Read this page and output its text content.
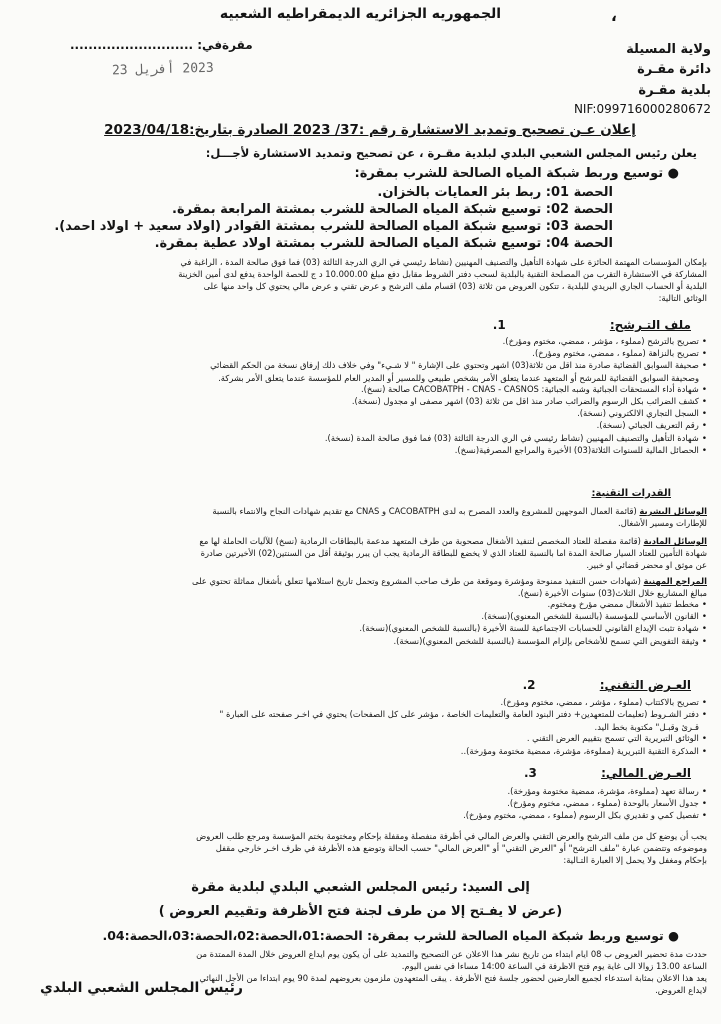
الجمهوريه الجزائريه الديمقراطيه الشعبيه	،
ولاية المسيلة
دائرة مقـرة
بلدية مقـرة
NIF:099716000280672
مقرةفي: ...........................
2023 أفريل 23
إعلان عـن تصحيح وتمديد الاستشارة رقم :37/ 2023 الصادرة بتاريخ:2023/04/18
يعلن رئيس المجلس الشعبي البلدي لبلدية مقـرة ، عن تصحيح وتمديد الاستشارة لأجـــل:
● توسيع وربط شبكة المياه الصالحة للشرب بمقرة:
الحصة 01: ربط بئر العمايات بالخزان.
الحصة 02: توسيع شبكة المياه الصالحة للشرب بمشتة المرابعة بمقرة.
الحصة 03: توسيع شبكة المياه الصالحة للشرب بمشتة القوادر (اولاد سعيد + اولاد احمد).
الحصة 04: توسيع شبكة المياه الصالحة للشرب بمشتة اولاد عطية بمقرة.
بإمكان المؤسسات المهتمة الحائزة على شهادة التأهيل والتصنيف المهنيين (نشاط رئيسي في الري الدرجة الثالثة (03) فما فوق صالحة المدة ، الراغبة في
المشاركة في الاستشارة التقرب من المصلحة التقنية بالبلدية لسحب دفتر الشروط مقابل دفع مبلغ 10.000.00 د ج للحصة الواحدة يدفع لدى أمين الخزينة
البلدية أو الحساب الجاري البريدي للبلدية ، تتكون العروض من ثلاثة (03) اقسام ملف الترشح و عرض تقني و عرض مالي يحتوي كل واحد منها على
الوثائق التالية:
ملف التـرشح: 1.
• تصريح بالترشح (مملوء ، مؤشر ، ممضي، مختوم ومؤرخ).
• تصريح بالنزاهة (مملوء ، ممضي، مختوم ومؤرخ).
• صحيفة السوابق القضائية صادرة منذ اقل من ثلاثة(03) اشهر وتحتوي على الإشارة " لا شـيء" وفي خلاف ذلك إرفاق نسخة من الحكم القضائي
وصحيفة السوابق القضائية للمرشح أو المتعهد عندما يتعلق الأمر بشخص طبيعي وللمسير أو المدير العام للمؤسسة عندما يتعلق الأمر بشركة.
• شهادة أداء المستحقات الجبائية وشبه الجبائية: CACOBATPH - CNAS - CASNOS صالحة (نسخ).
• كشف الضرائب بكل الرسوم والضرائب صادر منذ اقل من ثلاثة (03) اشهر مصفى او مجدول (نسخة).
• السجل التجاري الالكتروني (نسخة).
• رقم التعريف الجبائي (نسخة).
• شهادة التأهيل والتصنيف المهنيين (نشاط رئيسي في الري الدرجة الثالثة (03) فما فوق صالحة المدة (نسخة).
• الحصائل المالية للسنوات الثلاثة(03) الأخيرة والمراجع المصرفية(نسخ).
القدرات التقنية:
الوسائل البشرية (قائمة العمال الموجهين للمشروع والعدد المصرح به لدى CACOBATPH و CNAS مع تقديم شهادات النجاح والانتماء بالنسبة
للإطارات ومسير الأشغال.
الوسائل المادية (قائمة مفصلة للعتاد المخصص لتنفيذ الأشغال مصحوبة من طرف المتعهد مدعمة بالبطاقات الرمادية (نسخ) للآليات الحاملة لها مع
شهادة التأمين للعتاد السيار صالحة المدة اما بالنسبة للعتاد الذي لا يخضع للبطاقة الرمادية يجب ان يبرر بوثيقة أقل من السنتين(02) الأخيرتين صادرة
عن موثق او محضر قضائي او خبير.
المراجع المهنية (شهادات حسن التنفيذ ممنوحة ومؤشرة وموقعة من طرف صاحب المشروع وتحمل تاريخ استلامها تتعلق بأشغال مماثلة تحتوي على
مبالغ المشاريع خلال الثلاث(03) سنوات الأخيرة (نسخ).
• مخطط تنفيذ الأشغال ممضي مؤرخ ومختوم.
• القانون الأساسي للمؤسسة (بالنسبة للشخص المعنوي)(نسخة).
• شهادة تثبت الإيداع القانوني للحسابات الاجتماعية للسنة الأخيرة (بالنسبة للشخص المعنوي)(نسخة).
• وثيقة التفويض التي تسمح للأشخاص بإلزام المؤسسة (بالنسبة للشخص المعنوي)(نسخة).
العـرض التقني: 2.
• تصريح بالاكتتاب (مملوء ، مؤشر ، ممضي، مختوم ومؤرخ).
• دفتر الشـروط (تعليمات للمتعهدين+ دفتر البنود العامة والتعليمات الخاصة ، مؤشر على كل الصفحات) يحتوي في اخـر صفحته على العبارة "
قـرئ وقبـل" مكتوبة بخط اليد.
• الوثائق التبريرية التي تسمح بتقييم العرض التقني .
• المذكرة التقنية التبريرية (مملوءة، مؤشرة، ممضية مختومة ومؤرخة)..
العـرض المالي: 3.
• رسالة تعهد (مملوءة، مؤشرة، ممضية مختومة ومؤرخة).
• جدول الأسعار بالوحدة (مملوء ، ممضي، مختوم ومؤرخ).
• تفصيل كمي و تقديري بكل الرسوم (مملوء ، ممضي، مختوم ومؤرخ).
يجب أن يوضع كل من ملف الترشح والعرض التقني والعرض المالي في أظرفة منفصلة ومقفلة بإحكام ومختومة بختم المؤسسة ومرجع طلب العروض
وموضوعه وتتضمن عبارة "ملف الترشح" أو "العرض التقني" أو "العرض المالي" حسب الحالة وتوضع هذه الأظرفة في ظرف اخـر خارجي مقفل
بإحكام ومغفل ولا يحمل إلا العبارة التـالية:
إلى السيد: رئيس المجلس الشعبي البلدي لبلدية مقرة
(عرض لا يفـتح إلا من طرف لجنة فتح الأظرفة وتقييم العروض )
● توسيع وربط شبكة المياه الصالحة للشرب بمقرة: الحصة:01،الحصة:02،الحصة:03،الحصة:04.
حددت مدة تحضير العروض ب 08 ايام ابتداء من تاريخ نشر هذا الاعلان عن التصحيح والتمديد على أن يكون يوم ايداع العروض خلال المدة الممتدة من
الساعة 13.00 زوالا الى غاية يوم فتح الاظرفة في الساعة 14:00 مساءا في نفس اليوم.
يعد هذا الاعلان بمثابة استدعاء لجميع العارضين لحضور جلسة فتح الأظرفة . يبقى المتعهدون ملزمون بعروضهم لمدة 90 يوم ابتداءا من الأجل النهائي
لايداع العروض.
رئيس المجلس الشعبي البلدي
